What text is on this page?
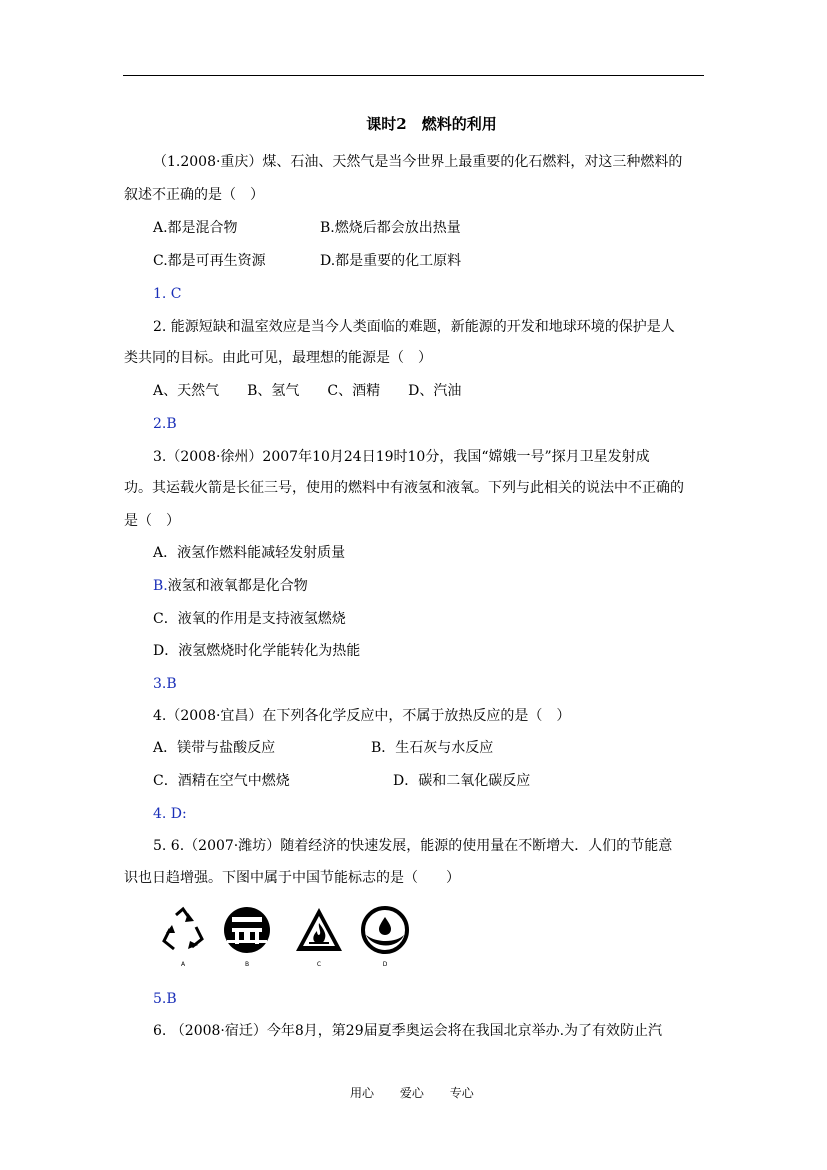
课时2　燃料的利用
（1.2008·重庆）煤、石油、天然气是当今世界上最重要的化石燃料，对这三种燃料的
叙述不正确的是（　）
A.都是混合物	B.燃烧后都会放出热量
C.都是可再生资源	D.都是重要的化工原料
1. C
2. 能源短缺和温室效应是当今人类面临的难题，新能源的开发和地球环境的保护是人
类共同的目标。由此可见，最理想的能源是（　）
A、天然气　　B、氢气　　C、酒精　　D、汽油
2.B
3.（2008·徐州）2007年10月24日19时10分，我国“嫦娥一号”探月卫星发射成
功。其运载火箭是长征三号，使用的燃料中有液氢和液氧。下列与此相关的说法中不正确的
是（　）
A．液氢作燃料能减轻发射质量
B.液氢和液氧都是化合物
C．液氧的作用是支持液氢燃烧
D．液氢燃烧时化学能转化为热能
3.B
4.（2008·宜昌）在下列各化学反应中，不属于放热反应的是（　）
A．镁带与盐酸反应	B．生石灰与水反应
C．酒精在空气中燃烧	D．碳和二氧化碳反应
4. D:
5. 6.（2007·潍坊）随着经济的快速发展，能源的使用量在不断增大．人们的节能意
识也日趋增强。下图中属于中国节能标志的是（　　）
A	B	C	D
5.B
6. （2008·宿迁）今年8月，第29届夏季奥运会将在我国北京举办.为了有效防止汽
用心 爱心 专心
